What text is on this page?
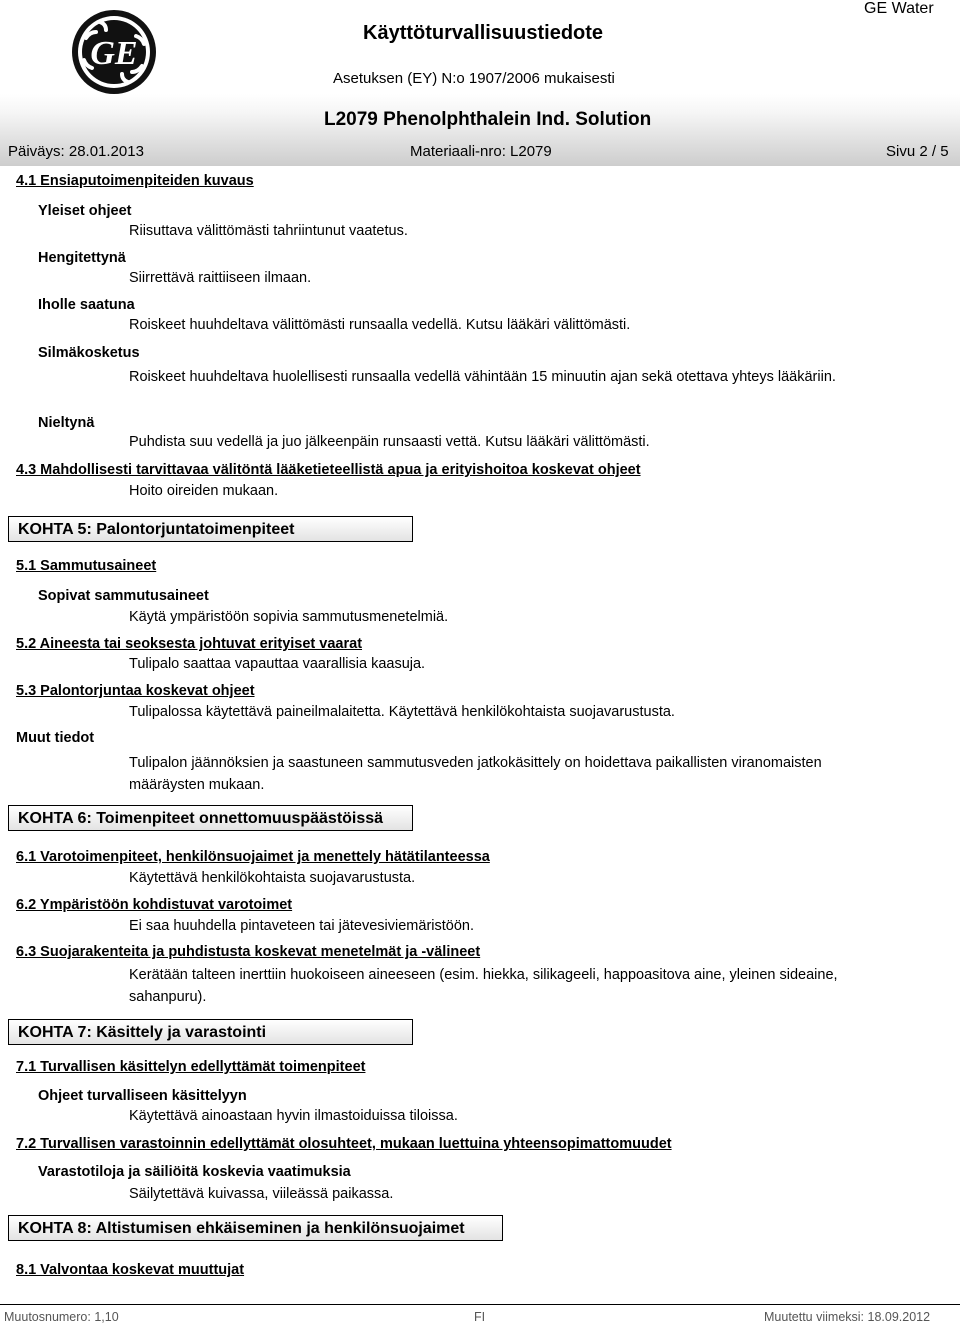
GE
Käyttöturvallisuustiedote
GE Water
Asetuksen (EY) N:o 1907/2006 mukaisesti
L2079 Phenolphthalein Ind. Solution
Päiväys: 28.01.2013	Materiaali-nro: L2079	Sivu 2 / 5
4.1 Ensiaputoimenpiteiden kuvaus
Yleiset ohjeet
Riisuttava välittömästi tahriintunut vaatetus.
Hengitettynä
Siirrettävä raittiiseen ilmaan.
Iholle saatuna
Roiskeet huuhdeltava välittömästi runsaalla vedellä. Kutsu lääkäri välittömästi.
Silmäkosketus
Roiskeet huuhdeltava huolellisesti runsaalla vedellä vähintään 15 minuutin ajan sekä otettava yhteys lääkäriin.
Nieltynä
Puhdista suu vedellä ja juo jälkeenpäin runsaasti vettä. Kutsu lääkäri välittömästi.
4.3 Mahdollisesti tarvittavaa välitöntä lääketieteellistä apua ja erityishoitoa koskevat ohjeet
Hoito oireiden mukaan.
KOHTA 5: Palontorjuntatoimenpiteet
5.1 Sammutusaineet
Sopivat sammutusaineet
Käytä ympäristöön sopivia sammutusmenetelmiä.
5.2 Aineesta tai seoksesta johtuvat erityiset vaarat
Tulipalo saattaa vapauttaa vaarallisia kaasuja.
5.3 Palontorjuntaa koskevat ohjeet
Tulipalossa käytettävä paineilmalaitetta. Käytettävä henkilökohtaista suojavarustusta.
Muut tiedot
Tulipalon jäännöksien ja saastuneen sammutusveden jatkokäsittely on hoidettava paikallisten viranomaisten määräysten mukaan.
KOHTA 6: Toimenpiteet onnettomuuspäästöissä
6.1 Varotoimenpiteet, henkilönsuojaimet ja menettely hätätilanteessa
Käytettävä henkilökohtaista suojavarustusta.
6.2 Ympäristöön kohdistuvat varotoimet
Ei saa huuhdella pintaveteen tai jätevesiviemäristöön.
6.3 Suojarakenteita ja puhdistusta koskevat menetelmät ja -välineet
Kerätään talteen inerttiin huokoiseen aineeseen (esim. hiekka, silikageeli, happoasitova aine, yleinen sideaine, sahanpuru).
KOHTA 7: Käsittely ja varastointi
7.1 Turvallisen käsittelyn edellyttämät toimenpiteet
Ohjeet turvalliseen käsittelyyn
Käytettävä ainoastaan hyvin ilmastoiduissa tiloissa.
7.2 Turvallisen varastoinnin edellyttämät olosuhteet, mukaan luettuina yhteensopimattomuudet
Varastotiloja ja säiliöitä koskevia vaatimuksia
Säilytettävä kuivassa, viileässä paikassa.
KOHTA 8: Altistumisen ehkäiseminen ja henkilönsuojaimet
8.1 Valvontaa koskevat muuttujat
Muutosnumero: 1,10	FI	Muutettu viimeksi: 18.09.2012
